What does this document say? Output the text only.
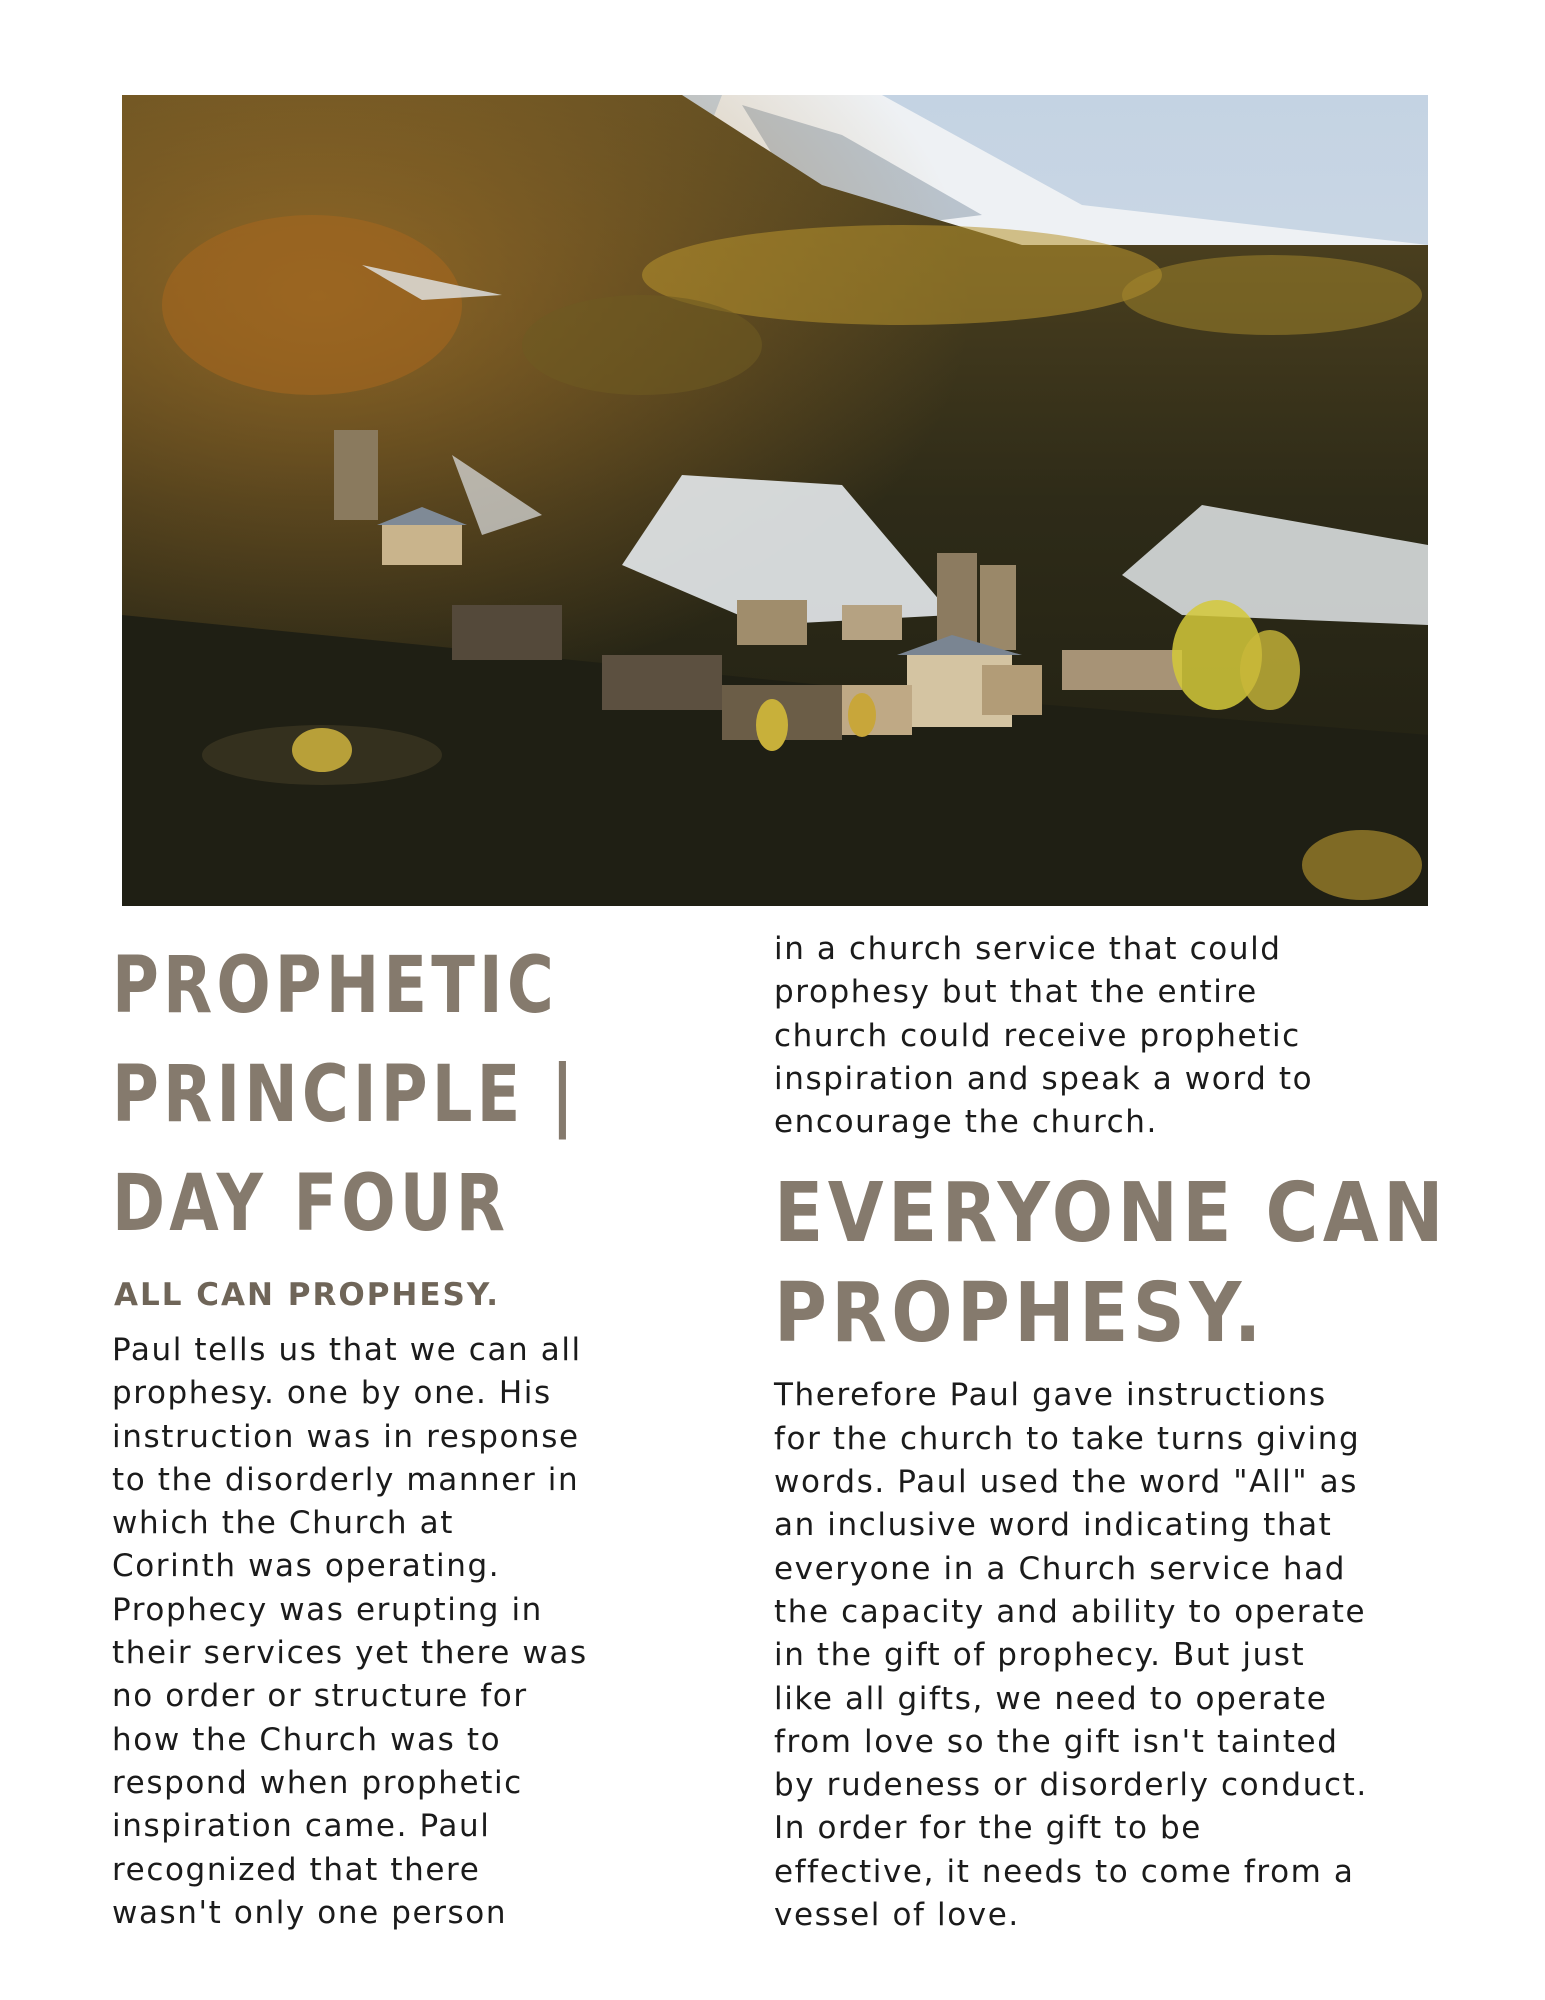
PROPHETIC
PRINCIPLE |
DAY FOUR
ALL CAN PROPHESY.

Paul tells us that we can all
prophesy. one by one. His
instruction was in response
to the disorderly manner in
which the Church at
Corinth was operating.
Prophecy was erupting in
their services yet there was
no order or structure for
how the Church was to
respond when prophetic
inspiration came. Paul
recognized that there
wasn't only one person

in a church service that could
prophesy but that the entire
church could receive prophetic
inspiration and speak a word to
encourage the church.

EVERYONE CAN
PROPHESY.

Therefore Paul gave instructions
for the church to take turns giving
words. Paul used the word "All" as
an inclusive word indicating that
everyone in a Church service had
the capacity and ability to operate
in the gift of prophecy. But just
like all gifts, we need to operate
from love so the gift isn't tainted
by rudeness or disorderly conduct.
In order for the gift to be
effective, it needs to come from a
vessel of love.
